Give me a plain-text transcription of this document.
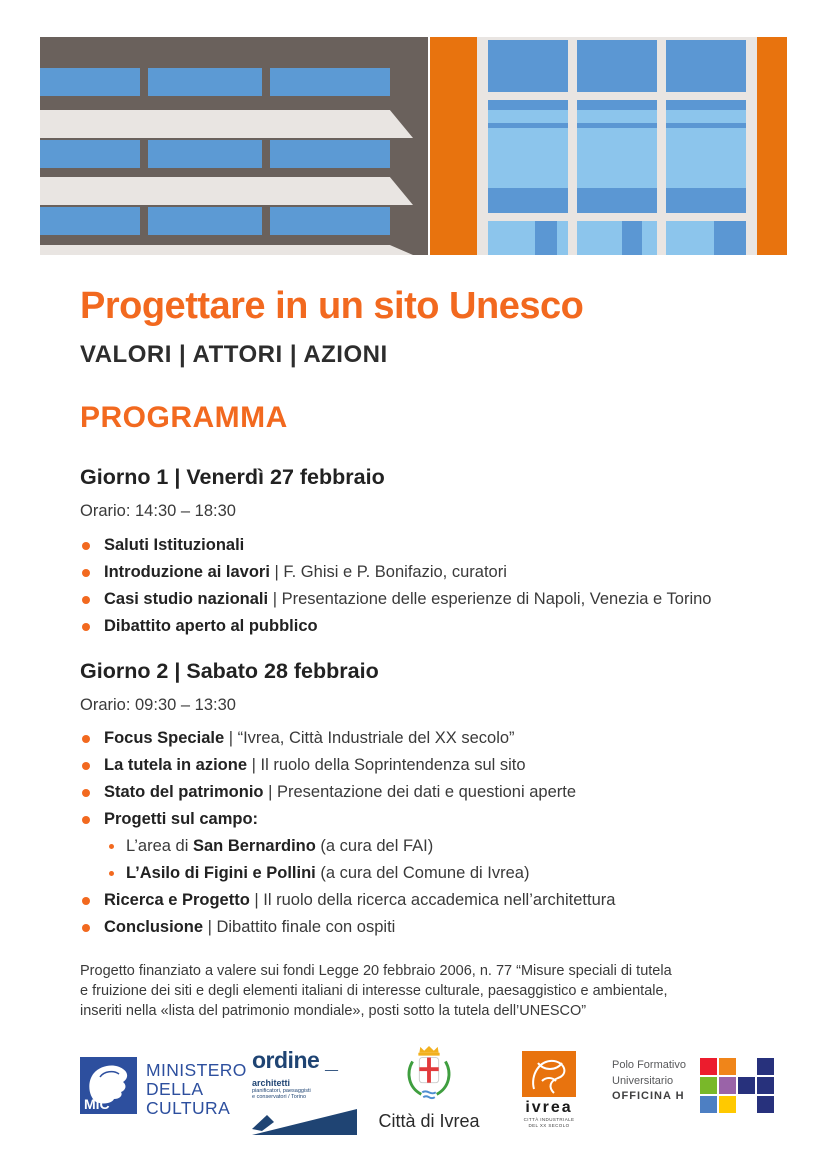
Progettare in un sito Unesco
VALORI | ATTORI | AZIONI
PROGRAMMA
Giorno 1 | Venerdì 27 febbraio
Orario: 14:30 – 18:30
Saluti Istituzionali
Introduzione ai lavori | F. Ghisi e P. Bonifazio, curatori
Casi studio nazionali | Presentazione delle esperienze di Napoli, Venezia e Torino
Dibattito aperto al pubblico
Giorno 2 | Sabato 28 febbraio
Orario: 09:30 – 13:30
Focus Speciale | “Ivrea, Città Industriale del XX secolo”
La tutela in azione | Il ruolo della Soprintendenza sul sito
Stato del patrimonio | Presentazione dei dati e questioni aperte
Progetti sul campo:
L’area di San Bernardino (a cura del FAI)
L’Asilo di Figini e Pollini (a cura del Comune di Ivrea)
Ricerca e Progetto | Il ruolo della ricerca accademica nell’architettura
Conclusione | Dibattito finale con ospiti
Progetto finanziato a valere sui fondi Legge 20 febbraio 2006, n. 77 “Misure speciali di tutela
e fruizione dei siti e degli elementi italiani di interesse culturale, paesaggistico e ambientale,
inseriti nella «lista del patrimonio mondiale», posti sotto la tutela dell’UNESCO”
MiC
MINISTERO
DELLA
CULTURA
ordine _
architetti
pianificatori, paesaggisti
e conservatori / Torino
Città di Ivrea
ivrea
CITTÀ INDUSTRIALE
DEL XX SECOLO
Polo Formativo
Universitario
OFFICINA H
